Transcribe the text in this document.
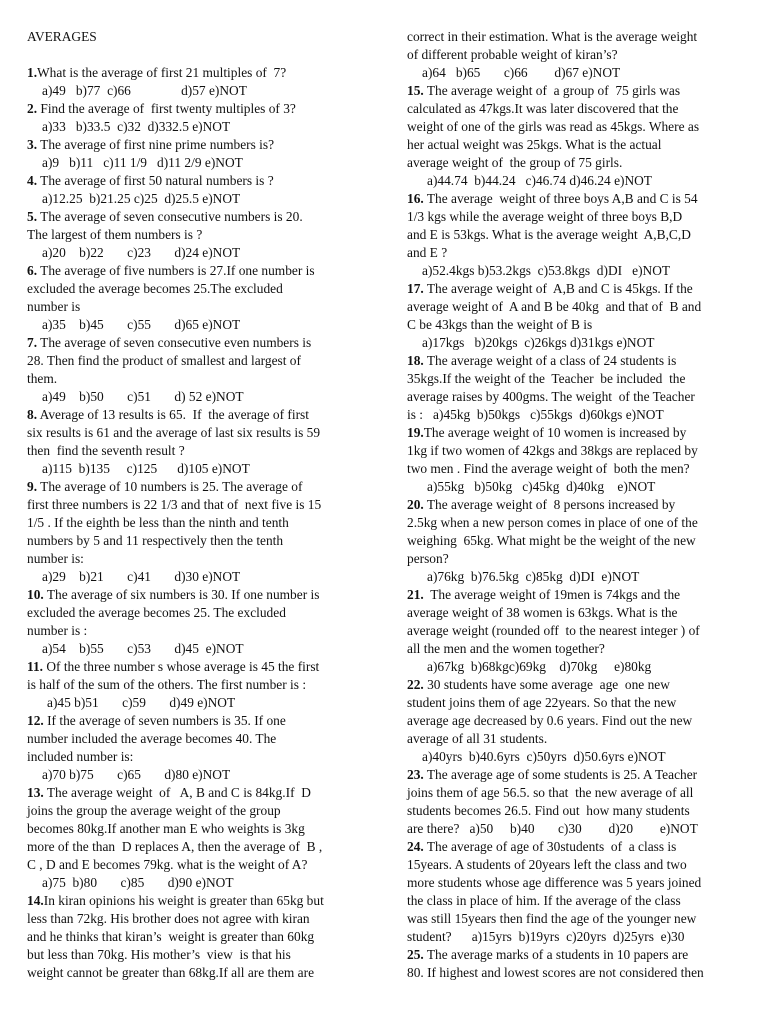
AVERAGES
1.What is the average of first 21 multiples of  7?
a)49   b)77  c)66               d)57 e)NOT
2. Find the average of  first twenty multiples of 3?
a)33   b)33.5  c)32  d)332.5 e)NOT
3. The average of first nine prime numbers is?
a)9   b)11   c)11 1/9   d)11 2/9 e)NOT
4. The average of first 50 natural numbers is ?
a)12.25  b)21.25 c)25  d)25.5 e)NOT
5. The average of seven consecutive numbers is 20.
The largest of them numbers is ?
a)20    b)22       c)23       d)24 e)NOT
6. The average of five numbers is 27.If one number is
excluded the average becomes 25.The excluded
number is
a)35    b)45       c)55       d)65 e)NOT
7. The average of seven consecutive even numbers is
28. Then find the product of smallest and largest of
them.
a)49    b)50       c)51       d) 52 e)NOT
8. Average of 13 results is 65.  If  the average of first
six results is 61 and the average of last six results is 59
then  find the seventh result ?
a)115  b)135     c)125      d)105 e)NOT
9. The average of 10 numbers is 25. The average of
first three numbers is 22 1/3 and that of  next five is 15
1/5 . If the eighth be less than the ninth and tenth
numbers by 5 and 11 respectively then the tenth
number is:
a)29    b)21       c)41       d)30 e)NOT
10. The average of six numbers is 30. If one number is
excluded the average becomes 25. The excluded
number is :
a)54    b)55       c)53       d)45  e)NOT
11. Of the three number s whose average is 45 the first
is half of the sum of the others. The first number is :
a)45 b)51       c)59       d)49 e)NOT
12. If the average of seven numbers is 35. If one
number included the average becomes 40. The
included number is:
a)70 b)75       c)65       d)80 e)NOT
13. The average weight  of   A, B and C is 84kg.If  D
joins the group the average weight of the group
becomes 80kg.If another man E who weights is 3kg
more of the than  D replaces A, then the average of  B ,
C , D and E becomes 79kg. what is the weight of A?
a)75  b)80       c)85       d)90 e)NOT
14.In kiran opinions his weight is greater than 65kg but
less than 72kg. His brother does not agree with kiran
and he thinks that kiran’s  weight is greater than 60kg
but less than 70kg. His mother’s  view  is that his
weight cannot be greater than 68kg.If all are them are
correct in their estimation. What is the average weight
of different probable weight of kiran’s?
a)64   b)65       c)66        d)67 e)NOT
15. The average weight of  a group of  75 girls was
calculated as 47kgs.It was later discovered that the
weight of one of the girls was read as 45kgs. Where as
her actual weight was 25kgs. What is the actual
average weight of  the group of 75 girls.
a)44.74  b)44.24   c)46.74 d)46.24 e)NOT
16. The average  weight of three boys A,B and C is 54
1/3 kgs while the average weight of three boys B,D
and E is 53kgs. What is the average weight  A,B,C,D
and E ?
a)52.4kgs b)53.2kgs  c)53.8kgs  d)DI   e)NOT
17. The average weight of  A,B and C is 45kgs. If the
average weight of  A and B be 40kg  and that of  B and
C be 43kgs than the weight of B is
a)17kgs   b)20kgs  c)26kgs d)31kgs e)NOT
18. The average weight of a class of 24 students is
35kgs.If the weight of the  Teacher  be included  the
average raises by 400gms. The weight  of the Teacher
is :   a)45kg  b)50kgs   c)55kgs  d)60kgs e)NOT
19.The average weight of 10 women is increased by
1kg if two women of 42kgs and 38kgs are replaced by
two men . Find the average weight of  both the men?
a)55kg   b)50kg   c)45kg  d)40kg    e)NOT
20. The average weight of  8 persons increased by
2.5kg when a new person comes in place of one of the
weighing  65kg. What might be the weight of the new
person?
a)76kg  b)76.5kg  c)85kg  d)DI  e)NOT
21.  The average weight of 19men is 74kgs and the
average weight of 38 women is 63kgs. What is the
average weight (rounded off  to the nearest integer ) of
all the men and the women together?
a)67kg  b)68kgc)69kg    d)70kg     e)80kg
22. 30 students have some average  age  one new
student joins them of age 22years. So that the new
average age decreased by 0.6 years. Find out the new
average of all 31 students.
a)40yrs  b)40.6yrs  c)50yrs  d)50.6yrs e)NOT
23. The average age of some students is 25. A Teacher
joins them of age 56.5. so that  the new average of all
students becomes 26.5. Find out  how many students
are there?   a)50     b)40       c)30        d)20        e)NOT
24. The average of age of 30students  of  a class is
15years. A students of 20years left the class and two
more students whose age difference was 5 years joined
the class in place of him. If the average of the class
was still 15years then find the age of the younger new
student?      a)15yrs  b)19yrs  c)20yrs  d)25yrs  e)30
25. The average marks of a students in 10 papers are
80. If highest and lowest scores are not considered then
